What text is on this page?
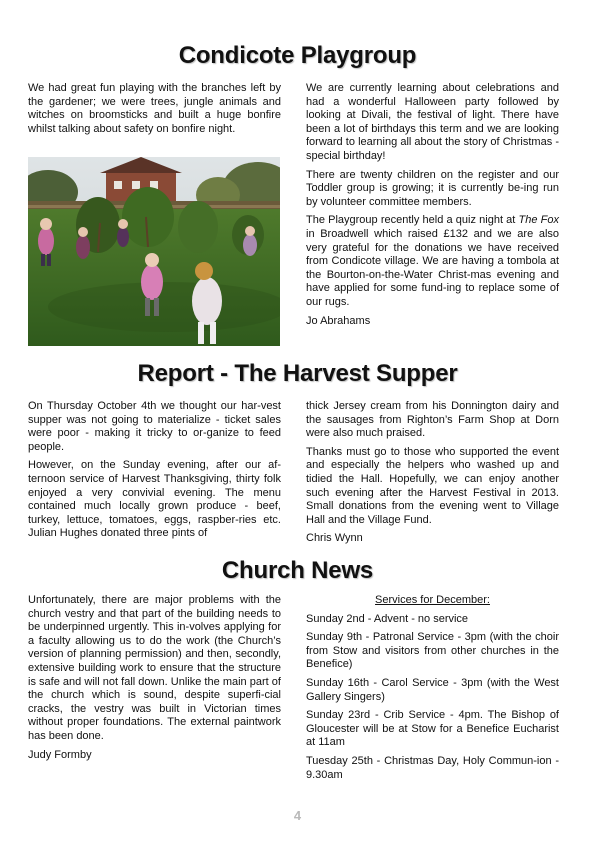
Condicote Playgroup

We had great fun playing with the branches left by the gardener; we were trees, jungle animals and witches on broomsticks and built a huge bonfire whilst talking about safety on bonfire night.

We are currently learning about celebrations and had a wonderful Halloween party followed by looking at Divali, the festival of light. There have been a lot of birthdays this term and we are looking forward to learning all about the story of Christmas - special birthday!

There are twenty children on the register and our Toddler group is growing; it is currently be-ing run by volunteer committee members.

The Playgroup recently held a quiz night at The Fox in Broadwell which raised £132 and we are also very grateful for the donations we have received from Condicote village. We are having a tombola at the Bourton-on-the-Water Christ-mas evening and have applied for some fund-ing to replace some of our rugs.

Jo Abrahams

Report - The Harvest Supper

On Thursday October 4th we thought our har-vest supper was not going to materialize - ticket sales were poor - making it tricky to or-ganize to feed people.

However, on the Sunday evening, after our af-ternoon service of Harvest Thanksgiving, thirty folk enjoyed a very convivial evening. The menu contained much locally grown produce - beef, turkey, lettuce, tomatoes, eggs, raspber-ries etc. Julian Hughes donated three pints of

thick Jersey cream from his Donnington dairy and the sausages from Righton’s Farm Shop at Dorn were also much praised.

Thanks must go to those who supported the event and especially the helpers who washed up and tidied the Hall. Hopefully, we can enjoy another such evening after the Harvest Festival in 2013. Small donations from the evening went to Village Hall and the Village Fund.

Chris Wynn

Church News

Unfortunately, there are major problems with the church vestry and that part of the building needs to be underpinned urgently. This in-volves applying for a faculty allowing us to do the work (the Church’s version of planning permission) and then, secondly, extensive building work to ensure that the structure is safe and will not fall down. Unlike the main part of the church which is sound, despite superfi-cial cracks, the vestry was built in Victorian times without proper foundations. The external paintwork has been done.

Judy Formby

Services for December:

Sunday 2nd - Advent - no service

Sunday 9th - Patronal Service - 3pm (with the choir from Stow and visitors from other churches in the Benefice)

Sunday 16th - Carol Service - 3pm (with the West Gallery Singers)

Sunday 23rd - Crib Service - 4pm. The Bishop of Gloucester will be at Stow for a Benefice Eucharist at 11am

Tuesday 25th - Christmas Day, Holy Commun-ion - 9.30am

4
